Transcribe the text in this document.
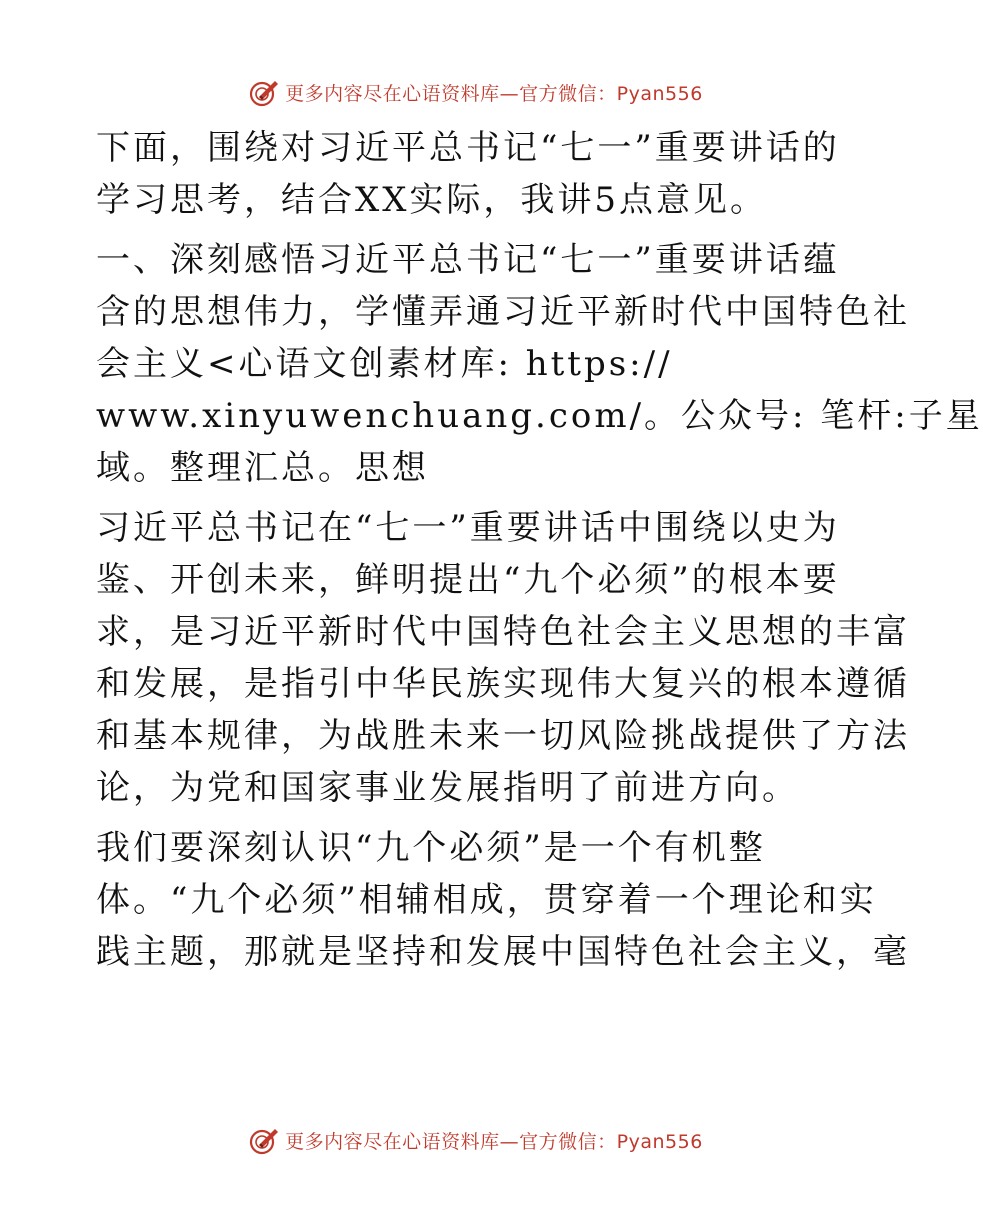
更多内容尽在心语资料库—官方微信：Pyan556
下面，围绕对习近平总书记“七一”重要讲话的
学习思考，结合XX实际，我讲5点意见。
一、深刻感悟习近平总书记“七一”重要讲话蕴
含的思想伟力，学懂弄通习近平新时代中国特色社
会主义<心语文创素材库: https://
www.xinyuwenchuang.com/。公众号: 笔杆:子星
域。整理汇总。思想
习近平总书记在“七一”重要讲话中围绕以史为
鉴、开创未来，鲜明提出“九个必须”的根本要
求，是习近平新时代中国特色社会主义思想的丰富
和发展，是指引中华民族实现伟大复兴的根本遵循
和基本规律，为战胜未来一切风险挑战提供了方法
论，为党和国家事业发展指明了前进方向。
我们要深刻认识“九个必须”是一个有机整
体。“九个必须”相辅相成，贯穿着一个理论和实
践主题，那就是坚持和发展中国特色社会主义，毫
更多内容尽在心语资料库—官方微信：Pyan556
